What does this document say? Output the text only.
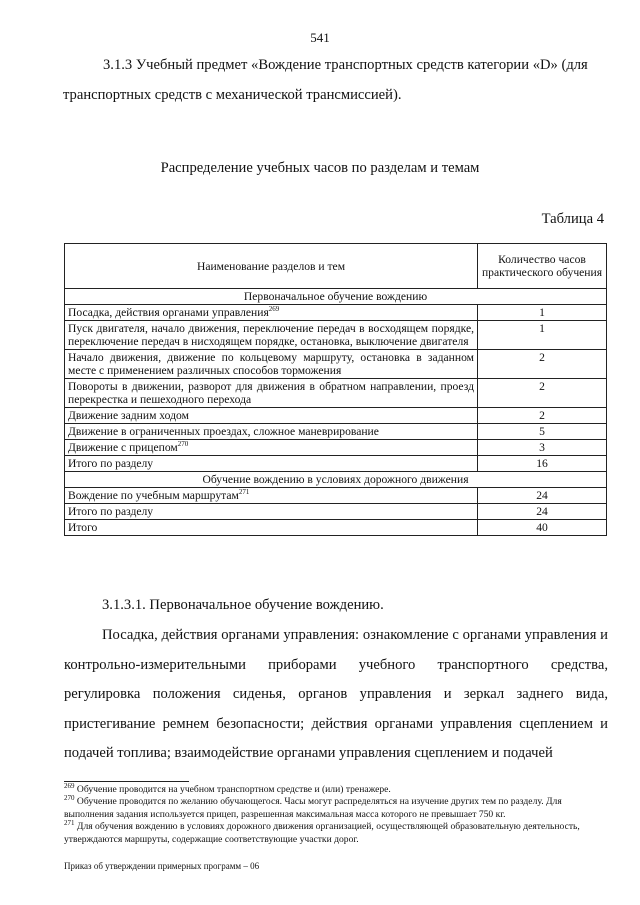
541
3.1.3 Учебный предмет «Вождение транспортных средств категории «D» (для транспортных средств с механической трансмиссией).
Распределение учебных часов по разделам и темам
Таблица 4
Наименование разделов и тем	Количество часов практического обучения
Первоначальное обучение вождению	
Посадка, действия органами управления$^{269}$	1
Пуск двигателя, начало движения, переключение передач в восходящем порядке, переключение передач в нисходящем порядке, остановка, выключение двигателя	1
Начало движения, движение по кольцевому маршруту, остановка в заданном месте с применением различных способов торможения	2
Повороты в движении, разворот для движения в обратном направлении, проезд перекрестка и пешеходного перехода	2
Движение задним ходом	2
Движение в ограниченных проездах, сложное маневрирование	5
Движение с прицепом$^{270}$	3
Итого по разделу	16
Обучение вождению в условиях дорожного движения	
Вождение по учебным маршрутам$^{271}$	24
Итого по разделу	24
Итого	40
3.1.3.1. Первоначальное обучение вождению.
Посадка, действия органами управления: ознакомление с органами управления и контрольно-измерительными приборами учебного транспортного средства, регулировка положения сиденья, органов управления и зеркал заднего вида, пристегивание ремнем безопасности; действия органами управления сцеплением и подачей топлива; взаимодействие органами управления сцеплением и подачей

$^{269}$ Обучение проводится на учебном транспортном средстве и (или) тренажере.

$^{270}$ Обучение проводится по желанию обучающегося. Часы могут распределяться на изучение других тем по разделу. Для выполнения задания используется прицеп, разрешенная максимальная масса которого не превышает 750 кг.

$^{271}$ Для обучения вождению в условиях дорожного движения организацией, осуществляющей образовательную деятельность, утверждаются маршруты, содержащие соответствующие участки дорог.

Приказ об утверждении примерных программ – 06
